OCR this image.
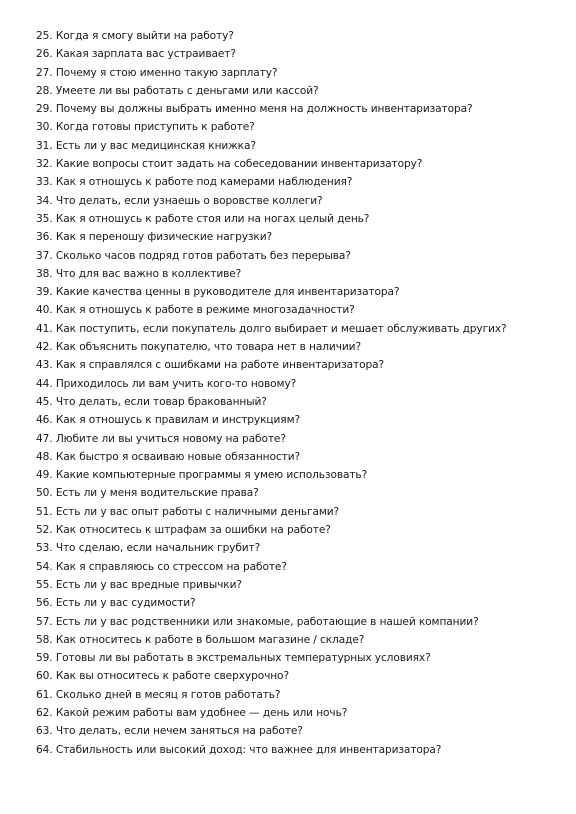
25. Когда я смогу выйти на работу?
26. Какая зарплата вас устраивает?
27. Почему я стою именно такую зарплату?
28. Умеете ли вы работать с деньгами или кассой?
29. Почему вы должны выбрать именно меня на должность инвентаризатора?
30. Когда готовы приступить к работе?
31. Есть ли у вас медицинская книжка?
32. Какие вопросы стоит задать на собеседовании инвентаризатору?
33. Как я отношусь к работе под камерами наблюдения?
34. Что делать, если узнаешь о воровстве коллеги?
35. Как я отношусь к работе стоя или на ногах целый день?
36. Как я переношу физические нагрузки?
37. Сколько часов подряд готов работать без перерыва?
38. Что для вас важно в коллективе?
39. Какие качества ценны в руководителе для инвентаризатора?
40. Как я отношусь к работе в режиме многозадачности?
41. Как поступить, если покупатель долго выбирает и мешает обслуживать других?
42. Как объяснить покупателю, что товара нет в наличии?
43. Как я справлялся с ошибками на работе инвентаризатора?
44. Приходилось ли вам учить кого-то новому?
45. Что делать, если товар бракованный?
46. Как я отношусь к правилам и инструкциям?
47. Любите ли вы учиться новому на работе?
48. Как быстро я осваиваю новые обязанности?
49. Какие компьютерные программы я умею использовать?
50. Есть ли у меня водительские права?
51. Есть ли у вас опыт работы с наличными деньгами?
52. Как относитесь к штрафам за ошибки на работе?
53. Что сделаю, если начальник грубит?
54. Как я справляюсь со стрессом на работе?
55. Есть ли у вас вредные привычки?
56. Есть ли у вас судимости?
57. Есть ли у вас родственники или знакомые, работающие в нашей компании?
58. Как относитесь к работе в большом магазине / складе?
59. Готовы ли вы работать в экстремальных температурных условиях?
60. Как вы относитесь к работе сверхурочно?
61. Сколько дней в месяц я готов работать?
62. Какой режим работы вам удобнее — день или ночь?
63. Что делать, если нечем заняться на работе?
64. Стабильность или высокий доход: что важнее для инвентаризатора?
